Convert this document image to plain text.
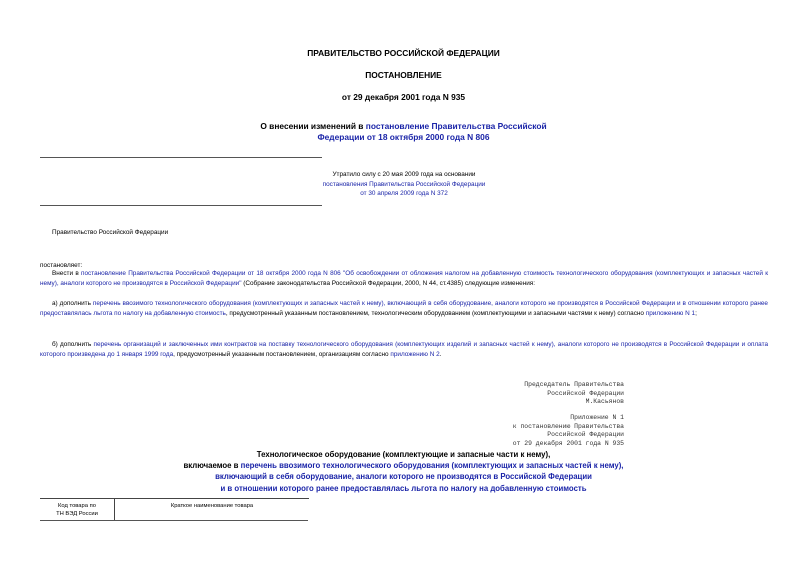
ПРАВИТЕЛЬСТВО РОССИЙСКОЙ ФЕДЕРАЦИИ
ПОСТАНОВЛЕНИЕ
от 29 декабря 2001 года N 935
О внесении изменений в постановление Правительства Российской
Федерации от 18 октября 2000 года N 806
Утратило силу с 20 мая 2009 года на основании
постановления Правительства Российской Федерации
от 30 апреля 2009 года N 372
Правительство Российской Федерации
постановляет:
Внести в постановление Правительства Российской Федерации от 18 октября 2000 года N 806 "Об освобождении от обложения налогом на добавленную стоимость технологического оборудования (комплектующих и запасных частей к нему), аналоги которого не производятся в Российской Федерации" (Собрание законодательства Российской Федерации, 2000, N 44, ст.4385) следующие изменения:
а) дополнить перечень ввозимого технологического оборудования (комплектующих и запасных частей к нему), включающий в себя оборудование, аналоги которого не производятся в Российской Федерации и в отношении которого ранее предоставлялась льгота по налогу на добавленную стоимость, предусмотренный указанным постановлением, технологическим оборудованием (комплектующими и запасными частями к нему) согласно приложению N 1;
б) дополнить перечень организаций и заключенных ими контрактов на поставку технологического оборудования (комплектующих изделий и запасных частей к нему), аналоги которого не производятся в Российской Федерации и оплата которого произведена до 1 января 1999 года, предусмотренный указанным постановлением, организациям согласно приложению N 2.
Председатель Правительства
Российской Федерации
М.Касьянов
Приложение N 1
к постановлению Правительства
Российской Федерации
от 29 декабря 2001 года N 935
Технологическое оборудование (комплектующие и запасные части к нему),
включаемое в перечень ввозимого технологического оборудования (комплектующих и запасных частей к нему),
включающий в себя оборудование, аналоги которого не производятся в Российской Федерации
и в отношении которого ранее предоставлялась льгота по налогу на добавленную стоимость
Код товара по
ТН ВЭД России
	Краткое наименование товара
